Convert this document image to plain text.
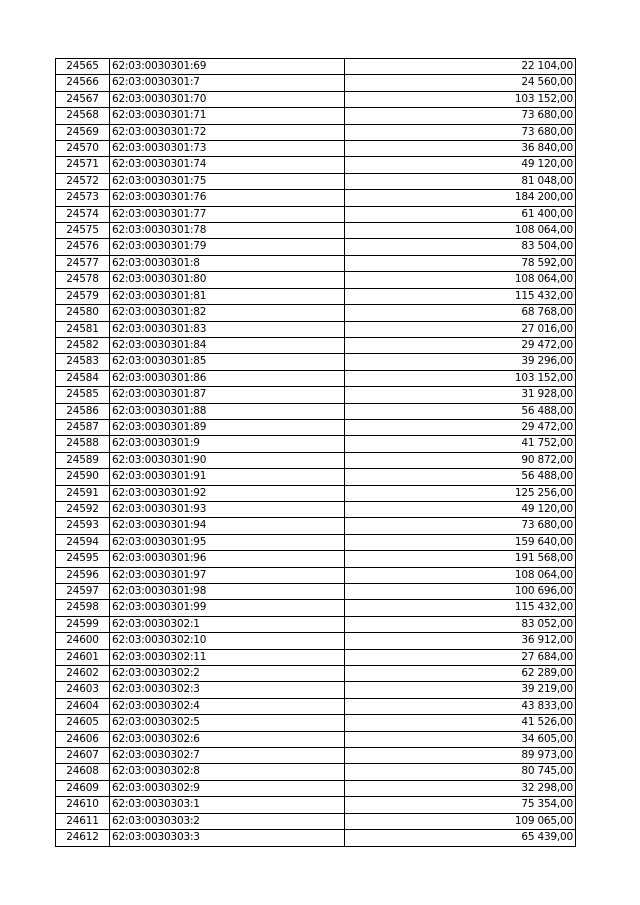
24565	62:03:0030301:69	22 104,00
24566	62:03:0030301:7	24 560,00
24567	62:03:0030301:70	103 152,00
24568	62:03:0030301:71	73 680,00
24569	62:03:0030301:72	73 680,00
24570	62:03:0030301:73	36 840,00
24571	62:03:0030301:74	49 120,00
24572	62:03:0030301:75	81 048,00
24573	62:03:0030301:76	184 200,00
24574	62:03:0030301:77	61 400,00
24575	62:03:0030301:78	108 064,00
24576	62:03:0030301:79	83 504,00
24577	62:03:0030301:8	78 592,00
24578	62:03:0030301:80	108 064,00
24579	62:03:0030301:81	115 432,00
24580	62:03:0030301:82	68 768,00
24581	62:03:0030301:83	27 016,00
24582	62:03:0030301:84	29 472,00
24583	62:03:0030301:85	39 296,00
24584	62:03:0030301:86	103 152,00
24585	62:03:0030301:87	31 928,00
24586	62:03:0030301:88	56 488,00
24587	62:03:0030301:89	29 472,00
24588	62:03:0030301:9	41 752,00
24589	62:03:0030301:90	90 872,00
24590	62:03:0030301:91	56 488,00
24591	62:03:0030301:92	125 256,00
24592	62:03:0030301:93	49 120,00
24593	62:03:0030301:94	73 680,00
24594	62:03:0030301:95	159 640,00
24595	62:03:0030301:96	191 568,00
24596	62:03:0030301:97	108 064,00
24597	62:03:0030301:98	100 696,00
24598	62:03:0030301:99	115 432,00
24599	62:03:0030302:1	83 052,00
24600	62:03:0030302:10	36 912,00
24601	62:03:0030302:11	27 684,00
24602	62:03:0030302:2	62 289,00
24603	62:03:0030302:3	39 219,00
24604	62:03:0030302:4	43 833,00
24605	62:03:0030302:5	41 526,00
24606	62:03:0030302:6	34 605,00
24607	62:03:0030302:7	89 973,00
24608	62:03:0030302:8	80 745,00
24609	62:03:0030302:9	32 298,00
24610	62:03:0030303:1	75 354,00
24611	62:03:0030303:2	109 065,00
24612	62:03:0030303:3	65 439,00
